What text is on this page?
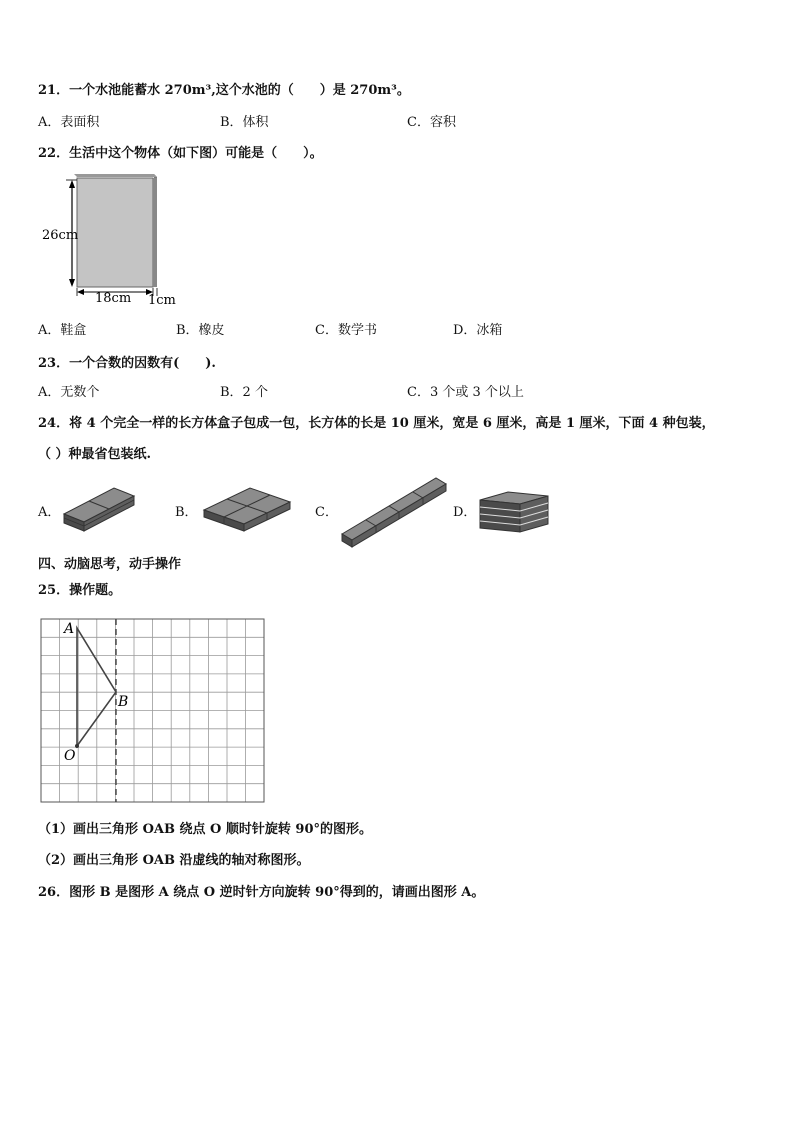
21．一个水池能蓄水 270m³,这个水池的（　　）是 270m³。
A．表面积	B．体积	C．容积
22．生活中这个物体（如下图）可能是（　　）。
26cm
18cm 1cm
A．鞋盒	B．橡皮	C．数学书	D．冰箱
23．一个合数的因数有(　　).
A．无数个	B．2 个	C．3 个或 3 个以上
24．将 4 个完全一样的长方体盒子包成一包，长方体的长是 10 厘米，宽是 6 厘米，高是 1 厘米，下面 4 种包装，
（ ）种最省包装纸.
A．	B．	C．	D．
四、动脑思考，动手操作
25．操作题。
A
B
O
（1）画出三角形 OAB 绕点 O 顺时针旋转 90°的图形。
（2）画出三角形 OAB 沿虚线的轴对称图形。
26．图形 B 是图形 A 绕点 O 逆时针方向旋转 90°得到的，请画出图形 A。
